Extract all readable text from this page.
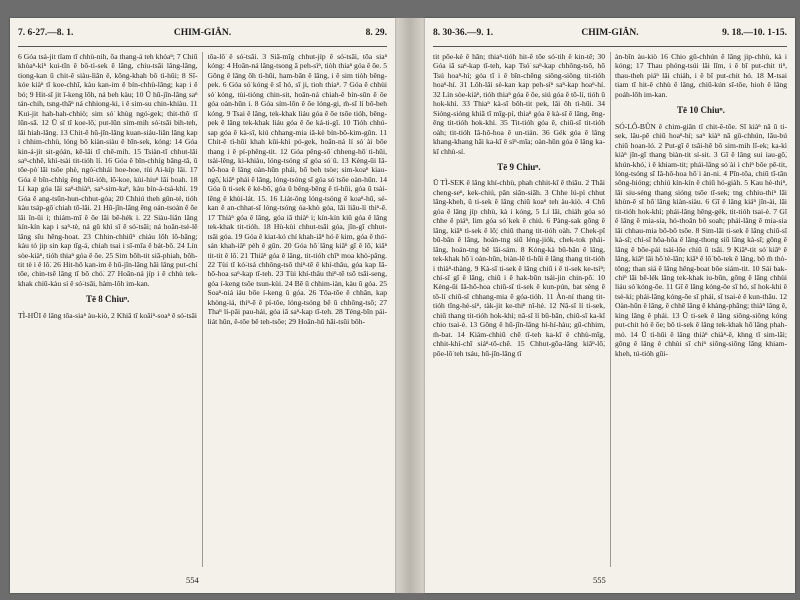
7. 6-27.—8. 1.	CHIM-GIÂN.	8. 29.
6 Góa tsá-jit tīam tī chhù-nih, ōa thang-á teh khóaⁿ; 7 Chiū khòaⁿ-kìⁿ kui-tīn ê bô-tì-sek ê lâng, chiu-tsâi lâng-lâng, tiong-kan ū chit-ê siàu-liân ê, kōng-khah bô tì-hūi; 8 Sî-kóe kiàⁿ tī koe-chhī, kàu kan-im ê bín-chhù-lâng; kap i ê bó; 9 Hit-sī jit î-keng lōh, ná beh kàu; 10 Ū hū-jîn-lâng saⁿ tán-chih, tsng-thāⁿ ná chhiong-ki, i ê sim-su chin-khiàu. 11 Kui-jit hah-hah-chhiò; sim só͘ khùg ngó͘-gek; thit-thô tī lūn-sā. 12 Ū sī tī koe-lō͘, put-lūn sím-mih só͘-tsāi bih-teh, lāi hiah-lâng. 13 Chit-ê hū-jîn-lâng kuan-siáu-liân lâng kap i chhim-chhù, lóng bô kiàn-siàu ê bīn-sek, kóng: 14 Góa kin-á-jit sit-góán, kē-lâi tī chê-mih. 15 Tsiàn-tī chhut-lâi saⁿ-chhē, khì-tsài tit-tióh lí. 16 Góa ê bîn-chhíg bāng-tā, ū tōe-pò͘ lāi tsôe phè, ngó͘-chhái hoe-hoe, tùi Ai-kíp lâi. 17 Góa ê bîn-chhíg êng bût-ióh, lō͘-koe, kùi-hiuⁿ lâi boah. 18 Lí kap góa lâi saⁿ-thiàⁿ, saⁿ-sim-kaⁿ, kàu bín-á-tsá-khí. 19 Góa ê ang-tsūn-hun-chhut-góa; 20 Chhiú theh gûn-té, tióh kàu tsáp-gō͘ chiah tō-lâi. 21 Hū-jîn-lâng êng oán-tsoán ê ōe lâi în-ūi i; thiám-mī ê ōe lâi bē-hék i. 22 Siàu-liân lâng kín-kín kap i saⁿ-tè, ná gû khì sî ê só͘-tsāi; ná hoân-tsè-lê lâng sīu hêng-hoat. 23 Chhin-chhiūⁿ chiáu lôh lô-bāng; kàu tó jip sin kap tīg-á, chiah tsai i sī-mīa ê bát-bô. 24 Lín sòe-kiàⁿ, tióh thiaⁿ góa ê ōe. 25 Sim bôh-tit siā-phiah, bôh-tit tè i ê lō͘. 26 Hit-hō kan-im ê hū-jîn-lâng hāi lâng put-chí tōe, chin-tsē lâng tī bô chó͘. 27 Hoān-ná jíp i ê chhù tek-khak chiū-kàu sí ê só͘-tsāi, hàm-lôh im-kan.
Tē 8 Chiuⁿ.
TÌ-HŪI ê lâng tōa-siaⁿ àu-kiò, 2 Khiā tī koāiⁿ-soaⁿ ê só͘-tsāi
tōa-lō͘ ê só͘-tsāi. 3 Siā-mīg chhut-jíp ê só͘-tsāi, tōa siaⁿ kóng: 4 Hoān-ná lâng-tsong ā peh-sìⁿ, tiòh thiaⁿ góa ê ōe. 5 Gōng ê lâng ōh tì-hūi, ham-bān ê lâng, i ê sim tiòh bêng-pek. 6 Góa só͘ kóng ê sī hó, sī ji, tioh thiaⁿ. 7 Góa ê chhùi só͘ kóng, tùi-tióng chin-sit, hoān-ná chiah-ê bín-sūn ê ōe góa oàn-hūn i. 8 Góa sím-lōn ê ōe lóng-gi, m̄-sī lí bô-beh kóng. 9 Tsai ê lâng, tek-khak liáu góa ê ōe tsōe tióh, bêng-pek ê lâng tek-khak liáu góa ê ōe ká-ti-gî. 10 Tióh chhú-sap góa ê kà-sī, kiú chhang-mia iâ-kè bín-bô-kim-gûn. 11 Chit-ê tì-hūi khah kûi-khì pó-gek, hoān-ná lí só͘ ài bōe thang i ê pí-phêng-tit. 12 Góa pêng-sō͘ chheng-hō͘ tì-hūi, tsài-lêng, ki-khiàu, lóng-tsóng sī góa só͘ ū. 13 Kèng-ūi Iâ-hô-hoa ê lâng oàn-hūn phái, bô beh tsòe; sim-koaⁿ kiau-ngō͘, kiâⁿ phái ê lâng, lóng-tsóng sī góa só͘ tsōe oàn-hūn. 14 Góa ū ti-sek ê kè-bō͘, góa ū bêng-bêng ê tì-hūi, góa ū tsài-lêng ê khùi-lát. 15. 16 Liát-ông lóng-tsóng ê koaⁿ-hū, sé-kan ê an-chhat-sī lóng-tsóng óa-khò góa, lâi liâu-lí thiⁿ-ē. 17 Thiàⁿ góa ê lâng, góa iā thiàⁿ i; kín-kín kiû góa ê lâng tek-khak tit-tióh. 18 Hù-kùi chhut-tsāi góa, jîn-gī chhut-tsāi góa. 19 Góa ê kiat-kó chí khah-iâⁿ hó ê kim, góa ê thó͘-sán khah-iâⁿ pèh ê gûn. 20 Góa hō͘ lâng kiâⁿ gī ê lō͘, kiâⁿ tit-tit ê lō͘. 21 Thiàⁿ góa ê lâng, tit-tióh chīⁿ moa khò͘-pâng. 22 Tùi tī kó͘-tsá chhōng-tsō thiⁿ-tē ê khí-thâu, góa kap Iâ-hô-hoa saⁿ-kap tī-teh. 23 Tùi khí-thâu thiⁿ-tē tsō tsāi-seng, góa í-keng tsôe tsun-kùi. 24 Bē ū chhim-iàn, kàu ū góa. 25 Soaⁿ-niá iáu bōe í-keng ū góa. 26 Tōa-tōe ê chhân, kap khòng-iá, thiⁿ-ē ê pí-tôe, lóng-tsóng bē ū chhōng-tsō; 27 Thaⁿ lí-pâi pau-hái, góa iā saⁿ-kap tī-teh. 28 Téng-bīn pái-liát hûn, ê-tōe bê teh-tsōe; 29 Hoān-hū hāi-tsūi bôh-
554
8. 30-36.—9. 1.	CHIM-GIÂN.	9. 18.—10. 1-15.
tit pōe-kè ê hān; thiaⁿ-tióh hit-ê tōe só͘-tih ê kin-tē; 30 Góa iā saⁿ-kap tī-teh, kap Tsó͘ saⁿ-kap chhōng-tsō, hō͘ Tsú hoaⁿ-hí; góa tī i ê bīn-chêng siông-siông tit-tióh hoaⁿ-hí. 31 Lôh-lâi sè-kan kap peh-sìⁿ saⁿ-kap hoaⁿ-hí. 32 Lín sòe-kiàⁿ, tióh thiaⁿ góa ê ōe, siú góa ê tō-lí, tióh ū hok-khì. 33 Thiaⁿ kà-sī bôh-tit pek, lâi ōh tì-hūi. 34 Sióng-sióng khiā tī mīg-pí, thiaⁿ góa ê kà-sī ê lâng, ēng-êng tit-tióh hok-khì. 35 Tit-tióh góa ê, chiū-sī tit-tióh oàh; tit-tióh Iâ-hô-hoa ê un-tián. 36 Gék góa ê lâng khang-khang hāi ka-kī ê sìⁿ-mīa; oàn-hūn góa ê lâng ka-kī chhù-sí.
Tē 9 Chiuⁿ.
Ū TÌ-SEK ê lâng khí-chhù, phah chhit-kî ê thiāu. 2 Thâi cheng-seⁿ, kek-chiú, pān siân-siāh. 3 Chhe lú-pì chhut lâng-kheh, ū ti-sek ê lâng chiū koaⁿ teh àu-kiò. 4 Chū góa ê lâng jíp chhù, kà i kóng, 5 Lí lâi, chiáh góa só͘ chhe ê piáⁿ, lim góa só͘ kek ê chiú. 6 Pàng-sak gōng ê lâng, kiâⁿ tì-sek ê lō͘; chiū thang tit-tióh oàh. 7 Chek-pī bū-bān ê lâng, hoán-tng siū léng-jiók, chek-tok phái-lâng, hoán-tng bē lâi-sám. 8 Kóng-kà bū-bān ê lâng, tek-khak hō͘ i oàn-hūn, biàn-lē tì-hūi ê lâng thang tit-tióh i thiàⁿ-thàng. 9 Kà-sī ti-sek ê lâng chiū i ê ti-sek ke-tsìⁿ; chí-sī gī ê lâng, chiū i ê hak-būn tsái-jin chin-pō͘. 10 Kèng-ūi Iâ-hô-hoa chiū-sī tì-sek ê kun-pún, bat sèng ê tō-lí chiū-sī chhang-mia ê góa-tióh. 11 Àn-ní thang tit-tióh tīng-hè-sìⁿ, tàk-jit ke-thiⁿ nî-hè. 12 Nā-sī lí ti-sek, chiū thang tit-tióh hok-khì; nā-sī lí bū-bān, chiū-sī ka-kī chio tsai-è. 13 Gōng ê hū-jîn-lâng hí-hí-hàu; gū-chhim, m̄-bat. 14 Kiám-chhiū chē tī-teh ka-kī ê chhù-mīg, chhit-khí-chī siáⁿ-tō-chē. 15 Chhut-gōa-lâng kiâⁿ-lō͘, pōe-lō͘ teh tsáu, hū-jîn-lâng tī
àn-bīn àu-kiò 16 Chio gū-chhún ê lâng jip-chhù, kà i kóng; 17 Thau phóng-tsúi lāi lîm, i ê bī put-chit tiⁿ, thau-theh piáⁿ lâi chiáh, i ê bī put-chit hó. 18 M-tsai tiam tī hit-ê chhù ê lâng, chiū-kún sī-tōe, hioh ê lâng poáh-lôh im-kan.
Tē 10 Chiuⁿ.
SÓ͘-LÔ-BÛN ê chim-giân tī chit-ê-tōe. Sī kiàⁿ nā ū ti-sek, lâu-pē chiū hoaⁿ-hí; saⁿ kiàⁿ nā gû-chhún, lāu-bú chiū hoan-ló. 2 Put-gī ê tsâi-hē bô sim-mih lī-ek; ka-kì kiàⁿ jîn-gī thang biàn-tit sí-sit. 3 Gī ê lâng sui iau-gō͘, khún-khó͘, i ê khiam-tit; phái-lâng só͘ ài i chiⁿ bōe pē-tit, lóng-tsóng sī Iâ-hô-hoa hō͘ i àn-ni. 4 Pīn-tōa, chiū tī-tān sông-hióng; chhiú kín-kín ê chiū hó-giàh. 5 Kau hè-thiⁿ, lāi siu-séng thang sióng tsōe tī-sek; tng chhiu-thiⁿ lāi khùn-ê sī hō͘ lâng kiàn-siàu. 6 Gī ê lâng kiáⁿ jîn-ài, lāi tit-tióh hok-khì; phái-lâng hêng-gék, tit-tióh tsai-è. 7 Gī ê lâng ê mia-sia, hó-thoân bô soah; phái-lâng ê mia-sia lâi chhau-mia bô-bô tsōe. 8 Sim-lāi ti-sek ê lâng chiū-sī kà-sī; chí-sī hōa-hōa ê lâng-thong siū lâng kà-sī; gōng ê lâng ê bōe-pái tsài-lōe chiū ū tsāi. 9 Kiâⁿ-tit só͘ kiâⁿ ê lâng, kiâⁿ lâi hô͘ tè-lān; kiâⁿ ê lō͘ bô-tek ê lâng, bô m̄ thò-tông; than siá ê lâng hêng-boat bôe siám-tit. 10 Sái bak-chiⁿ lāi bē-lék lâng tek-khak iu-būn, gōng ê lâng chhùi liáu só͘ kóng-ōe. 11 Gī ê lâng kóng-ōe sī hó, sī hok-khì ê tsè-ki; phái-lâng kóng-ōe sī phái, sī tsai-è ê kun-thâu. 12 Oàn-hūn ê lâng, ê chhē lâng ê khàng-phāng; thiàⁿ lâng ê, kìng lâng ê phái. 13 Ū ti-sek ê lâng siông-siông kóng put-chit hó ê ōe; bô ti-sek ê lâng tek-khak hō͘ lâng phah-mó. 14 Ū tì-hūi ê lâng thiàⁿ chiàⁿ-ê, khng tī sim-lāi; gōng ê lâng ê chhùi sī chiⁿ siông-siông lâng khiam-kheh, tú-tióh gūi-
555
